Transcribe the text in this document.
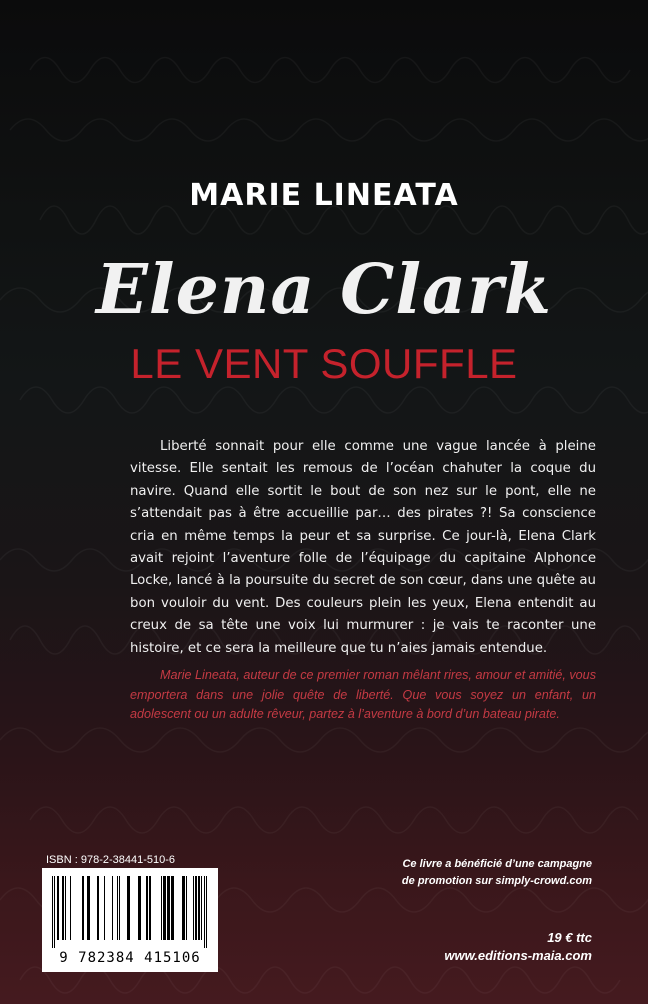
MARIE LINEATA
Elena Clark
LE VENT SOUFFLE

Liberté sonnait pour elle comme une vague lancée à pleine vitesse. Elle sentait les remous de l’océan chahuter la coque du navire. Quand elle sortit le bout de son nez sur le pont, elle ne s’attendait pas à être accueillie par… des pirates ?! Sa conscience cria en même temps la peur et sa surprise. Ce jour-là, Elena Clark avait rejoint l’aventure folle de l’équipage du capitaine Alphonce Locke, lancé à la poursuite du secret de son cœur, dans une quête au bon vouloir du vent. Des couleurs plein les yeux, Elena entendit au creux de sa tête une voix lui murmurer : je vais te raconter une histoire, et ce sera la meilleure que tu n’aies jamais entendue.

Marie Lineata, auteur de ce premier roman mêlant rires, amour et amitié, vous emportera dans une jolie quête de liberté. Que vous soyez un enfant, un adolescent ou un adulte rêveur, partez à l’aventure à bord d’un bateau pirate.

ISBN : 978-2-38441-510-6
9 782384 415106
Ce livre a bénéficié d’une campagne
de promotion sur simply-crowd.com
19 € ttc
www.editions-maia.com
